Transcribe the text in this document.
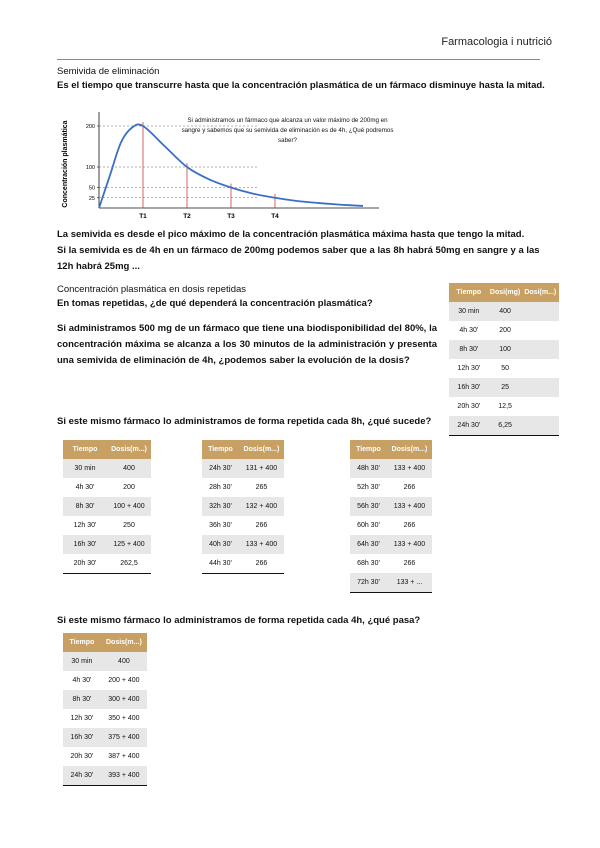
Farmacologia i nutrició
Semivida de eliminación
Es el tiempo que transcurre hasta que la concentración plasmática de un fármaco disminuye hasta la mitad.
Concentración plasmática	200
100
50
25
T1	T2	T3	T4
Si administramos un fármaco que alcanza un valor máximo de 200mg en sangre y sabemos que su semivida de eliminación es de 4h, ¿Qué podremos saber?
La semivida es desde el pico máximo de la concentración plasmática máxima hasta que tengo la mitad.
Si la semivida es de 4h en un fármaco de 200mg podemos saber que a las 8h habrá 50mg en sangre y a las
12h habrá 25mg ...
Concentración plasmática en dosis repetidas
En tomas repetidas, ¿de qué dependerá la concentración plasmática?
Si administramos 500 mg de un fármaco que tiene una biodisponibilidad del 80%, la concentración máxima se alcanza a los 30 minutos de la administración y presenta una semivida de eliminación de 4h, ¿podemos saber la evolución de la dosis?
Tiempo	Dosi(mg)	Dosi(m...)
30 min	400	
4h 30'	200	
8h 30'	100	
12h 30'	50	
16h 30'	25	
20h 30'	12,5	
24h 30'	6,25	
Si este mismo fármaco lo administramos de forma repetida cada 8h, ¿qué sucede?
Tiempo	Dosis(m...)
30 min	400
4h 30'	200
8h 30'	100 + 400
12h 30'	250
16h 30'	125 + 400
20h 30'	262,5
Tiempo	Dosis(m...)
24h 30'	131 + 400
28h 30'	265
32h 30'	132 + 400
36h 30'	266
40h 30'	133 + 400
44h 30'	266
Tiempo	Dosis(m...)
48h 30'	133 + 400
52h 30'	266
56h 30'	133 + 400
60h 30'	266
64h 30'	133 + 400
68h 30'	266
72h 30'	133 + ...
Si este mismo fármaco lo administramos de forma repetida cada 4h, ¿qué pasa?
Tiempo	Dosis(m...)
30 min	400
4h 30'	200 + 400
8h 30'	300 + 400
12h 30'	350 + 400
16h 30'	375 + 400
20h 30'	387 + 400
24h 30'	393 + 400
